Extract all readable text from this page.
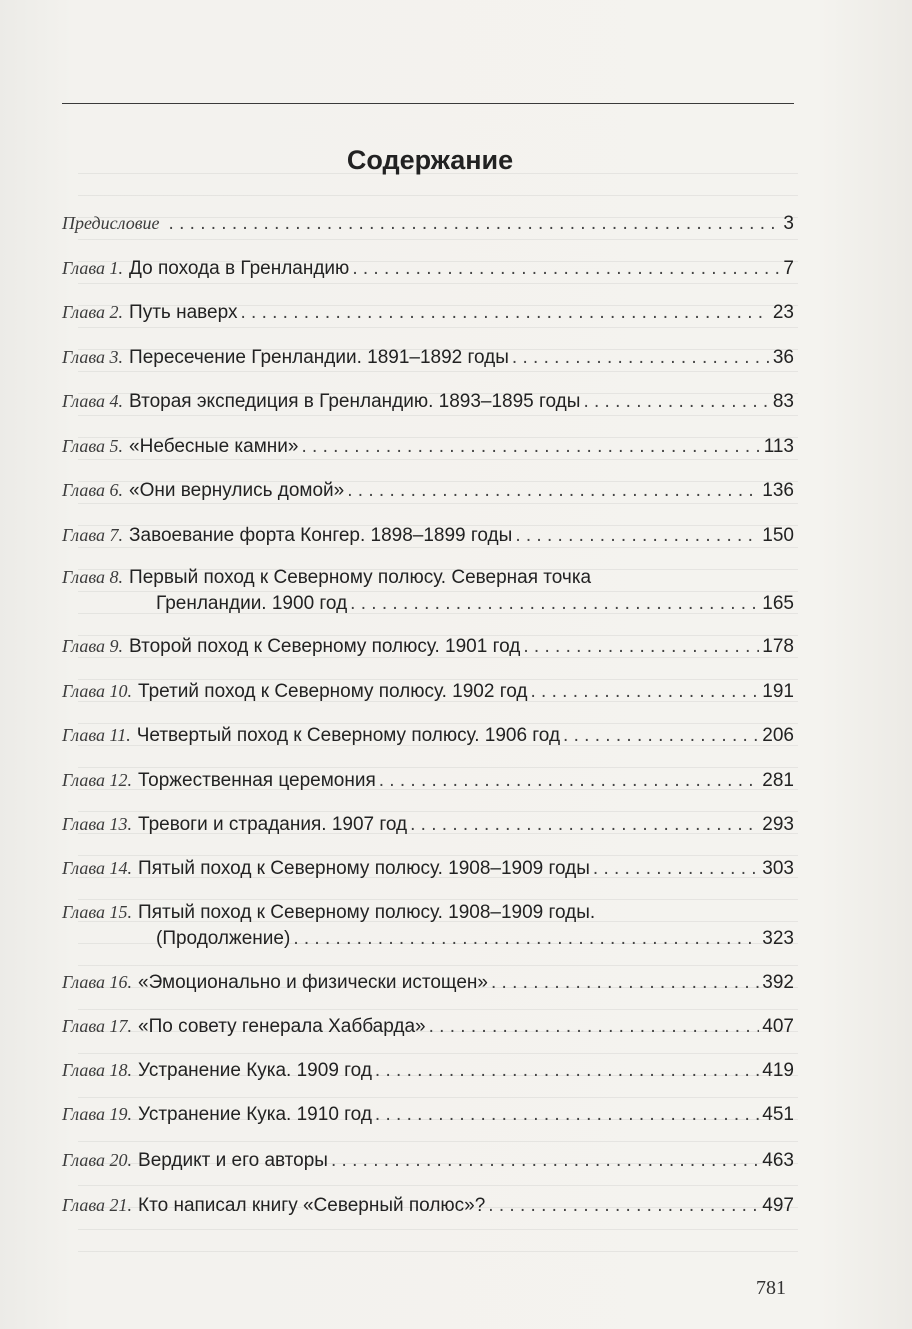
Содержание
Предисловие . . .	3
Глава 1. До похода в Гренландию . . .	7
Глава 2. Путь наверх . . .	23
Глава 3. Пересечение Гренландии. 1891–1892 годы . . .	36
Глава 4. Вторая экспедиция в Гренландию. 1893–1895 годы . . .	83
Глава 5. «Небесные камни» . . .	113
Глава 6. «Они вернулись домой» . . .	136
Глава 7. Завоевание форта Конгер. 1898–1899 годы . . .	150
Глава 8. Первый поход к Северному полюсу. Северная точка
Гренландии. 1900 год . . .	165
Глава 9. Второй поход к Северному полюсу. 1901 год . . .	178
Глава 10. Третий поход к Северному полюсу. 1902 год . . .	191
Глава 11. Четвертый поход к Северному полюсу. 1906 год . . .	206
Глава 12. Торжественная церемония . . .	281
Глава 13. Тревоги и страдания. 1907 год . . .	293
Глава 14. Пятый поход к Северному полюсу. 1908–1909 годы . . .	303
Глава 15. Пятый поход к Северному полюсу. 1908–1909 годы.
(Продолжение) . . .	323
Глава 16. «Эмоционально и физически истощен» . . .	392
Глава 17. «По совету генерала Хаббарда» . . .	407
Глава 18. Устранение Кука. 1909 год . . .	419
Глава 19. Устранение Кука. 1910 год . . .	451
Глава 20. Вердикт и его авторы . . .	463
Глава 21. Кто написал книгу «Северный полюс»? . . .	497
781
